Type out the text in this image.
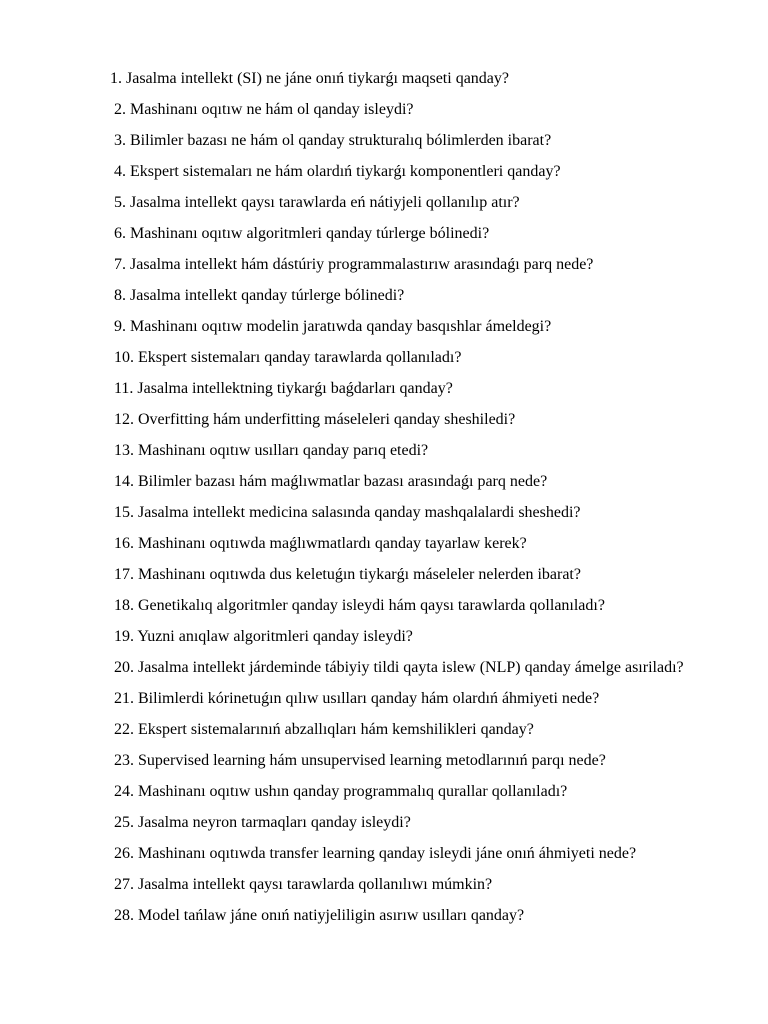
1. Jasalma intellekt (SI) ne jáne onıń tiykarǵı maqseti qanday?
2. Mashinanı oqıtıw ne hám ol qanday isleydi?
3. Bilimler bazası ne hám ol qanday strukturalıq bólimlerden ibarat?
4. Ekspert sistemaları ne hám olardıń tiykarǵı komponentleri qanday?
5. Jasalma intellekt qaysı tarawlarda eń nátiyjeli qollanılıp atır?
6. Mashinanı oqıtıw algoritmleri qanday túrlerge bólinedi?
7. Jasalma intellekt hám dástúriy programmalastırıw arasındaǵı parq nede?
8. Jasalma intellekt qanday túrlerge bólinedi?
9. Mashinanı oqıtıw modelin jaratıwda qanday basqıshlar ámeldegi?
10. Ekspert sistemaları qanday tarawlarda qollanıladı?
11. Jasalma intellektning tiykarǵı baǵdarları qanday?
12. Overfitting hám underfitting máseleleri qanday sheshiledi?
13. Mashinanı oqıtıw usılları qanday parıq etedi?
14. Bilimler bazası hám maǵlıwmatlar bazası arasındaǵı parq nede?
15. Jasalma intellekt medicina salasında qanday mashqalalardi sheshedi?
16. Mashinanı oqıtıwda maǵlıwmatlardı qanday tayarlaw kerek?
17. Mashinanı oqıtıwda dus keletuǵın tiykarǵı máseleler nelerden ibarat?
18. Genetikalıq algoritmler qanday isleydi hám qaysı tarawlarda qollanıladı?
19. Yuzni anıqlaw algoritmleri qanday isleydi?
20. Jasalma intellekt járdeminde tábiyiy tildi qayta islew (NLP) qanday ámelge asıriladı?
21. Bilimlerdi kórinetuǵın qılıw usılları qanday hám olardıń áhmiyeti nede?
22. Ekspert sistemalarınıń abzallıqları hám kemshilikleri qanday?
23. Supervised learning hám unsupervised learning metodlarınıń parqı nede?
24. Mashinanı oqıtıw ushın qanday programmalıq qurallar qollanıladı?
25. Jasalma neyron tarmaqları qanday isleydi?
26. Mashinanı oqıtıwda transfer learning qanday isleydi jáne onıń áhmiyeti nede?
27. Jasalma intellekt qaysı tarawlarda qollanılıwı múmkin?
28. Model tańlaw jáne onıń natiyjeliligin asırıw usılları qanday?
